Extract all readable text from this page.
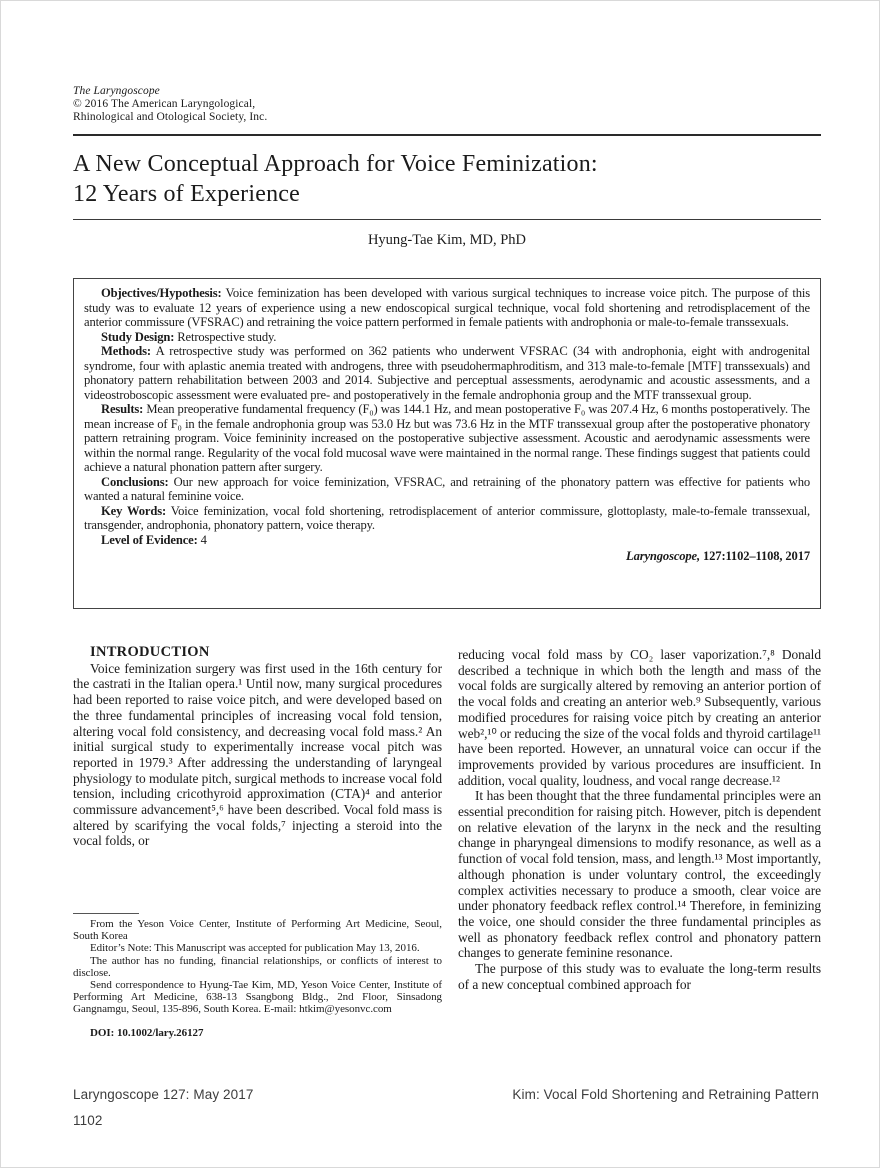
The Laryngoscope
© 2016 The American Laryngological,
Rhinological and Otological Society, Inc.
A New Conceptual Approach for Voice Feminization:
12 Years of Experience
Hyung-Tae Kim, MD, PhD

Objectives/Hypothesis: Voice feminization has been developed with various surgical techniques to increase voice pitch. The purpose of this study was to evaluate 12 years of experience using a new endoscopical surgical technique, vocal fold shortening and retrodisplacement of the anterior commissure (VFSRAC) and retraining the voice pattern performed in female patients with androphonia or male-to-female transsexuals.

Study Design: Retrospective study.

Methods: A retrospective study was performed on 362 patients who underwent VFSRAC (34 with androphonia, eight with androgenital syndrome, four with aplastic anemia treated with androgens, three with pseudohermaphroditism, and 313 male-to-female [MTF] transsexuals) and phonatory pattern rehabilitation between 2003 and 2014. Subjective and perceptual assessments, aerodynamic and acoustic assessments, and a videostroboscopic assessment were evaluated pre- and postoperatively in the female androphonia group and the MTF transsexual group.

Results: Mean preoperative fundamental frequency (F₀) was 144.1 Hz, and mean postoperative F₀ was 207.4 Hz, 6 months postoperatively. The mean increase of F₀ in the female androphonia group was 53.0 Hz but was 73.6 Hz in the MTF transsexual group after the postoperative phonatory pattern retraining program. Voice femininity increased on the postoperative subjective assessment. Acoustic and aerodynamic assessments were within the normal range. Regularity of the vocal fold mucosal wave were maintained in the normal range. These findings suggest that patients could achieve a natural phonation pattern after surgery.

Conclusions: Our new approach for voice feminization, VFSRAC, and retraining of the phonatory pattern was effective for patients who wanted a natural feminine voice.

Key Words: Voice feminization, vocal fold shortening, retrodisplacement of anterior commissure, glottoplasty, male-to-female transsexual, transgender, androphonia, phonatory pattern, voice therapy.

Level of Evidence: 4

Laryngoscope, 127:1102–1108, 2017

INTRODUCTION

Voice feminization surgery was first used in the 16th century for the castrati in the Italian opera.¹ Until now, many surgical procedures had been reported to raise voice pitch, and were developed based on the three fundamental principles of increasing vocal fold tension, altering vocal fold consistency, and decreasing vocal fold mass.² An initial surgical study to experimentally increase vocal pitch was reported in 1979.³ After addressing the understanding of laryngeal physiology to modulate pitch, surgical methods to increase vocal fold tension, including cricothyroid approximation (CTA)⁴ and anterior commissure advancement⁵,⁶ have been described. Vocal fold mass is altered by scarifying the vocal folds,⁷ injecting a steroid into the vocal folds, or

reducing vocal fold mass by CO₂ laser vaporization.⁷,⁸ Donald described a technique in which both the length and mass of the vocal folds are surgically altered by removing an anterior portion of the vocal folds and creating an anterior web.⁹ Subsequently, various modified procedures for raising voice pitch by creating an anterior web²,¹⁰ or reducing the size of the vocal folds and thyroid cartilage¹¹ have been reported. However, an unnatural voice can occur if the improvements provided by various procedures are insufficient. In addition, vocal quality, loudness, and vocal range decrease.¹²

It has been thought that the three fundamental principles were an essential precondition for raising pitch. However, pitch is dependent on relative elevation of the larynx in the neck and the resulting change in pharyngeal dimensions to modify resonance, as well as a function of vocal fold tension, mass, and length.¹³ Most importantly, although phonation is under voluntary control, the exceedingly complex activities necessary to produce a smooth, clear voice are under phonatory feedback reflex control.¹⁴ Therefore, in feminizing the voice, one should consider the three fundamental principles as well as phonatory feedback reflex control and phonatory pattern changes to generate feminine resonance.

The purpose of this study was to evaluate the long-term results of a new conceptual combined approach for

From the Yeson Voice Center, Institute of Performing Art Medicine, Seoul, South Korea

Editor’s Note: This Manuscript was accepted for publication May 13, 2016.

The author has no funding, financial relationships, or conflicts of interest to disclose.

Send correspondence to Hyung-Tae Kim, MD, Yeson Voice Center, Institute of Performing Art Medicine, 638-13 Ssangbong Bldg., 2nd Floor, Sinsadong Gangnamgu, Seoul, 135-896, South Korea. E-mail: htkim@yesonvc.com

DOI: 10.1002/lary.26127

Laryngoscope 127: May 2017
1102
Kim: Vocal Fold Shortening and Retraining Pattern
